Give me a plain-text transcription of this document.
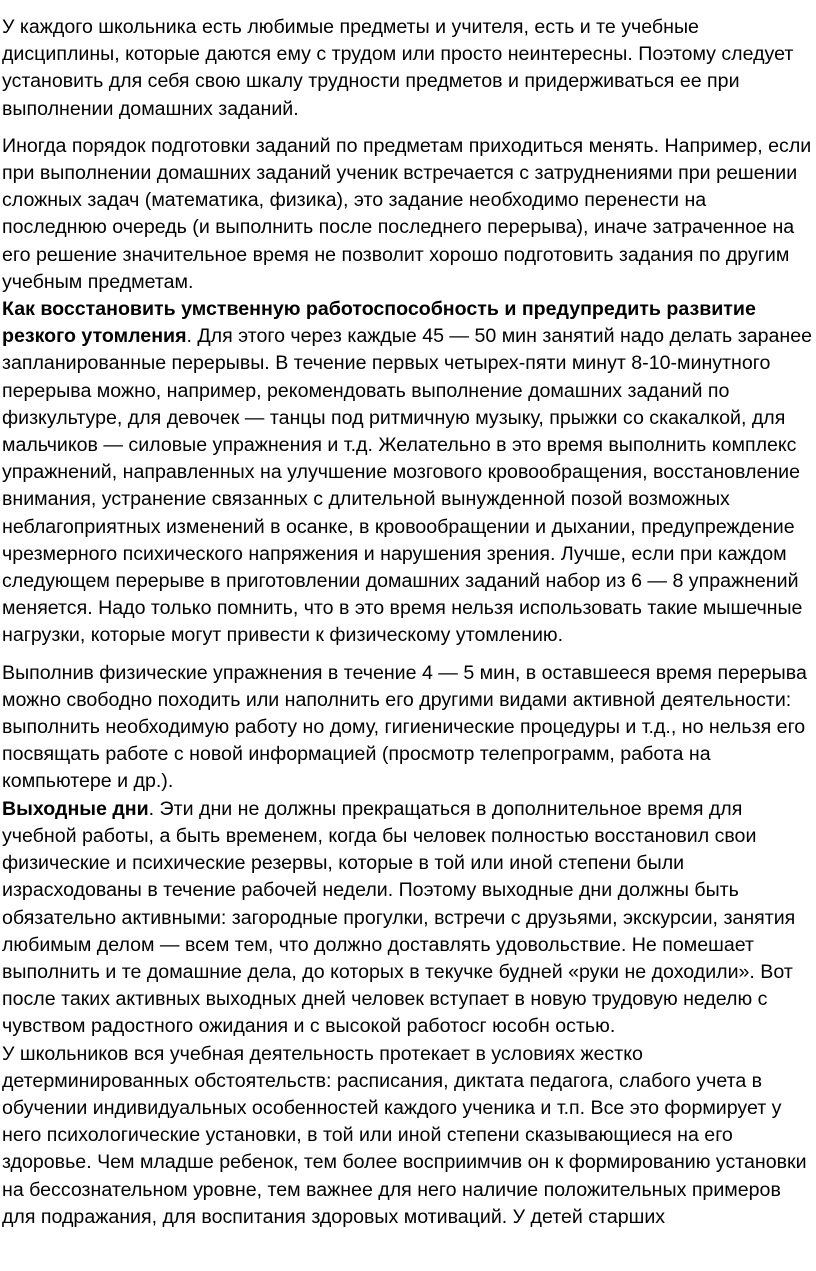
У каждого школьника есть любимые предметы и учителя, есть и те учебные дисциплины, которые даются ему с трудом или просто неинтересны. Поэтому следует установить для себя свою шкалу трудности предметов и придерживаться ее при выполнении домашних заданий.

Иногда порядок подготовки заданий по предметам приходиться менять. Например, если при выполнении домашних заданий ученик встречается с затруднениями при решении сложных задач (математика, физика), это задание необходимо перенести на последнюю очередь (и выполнить после последнего перерыва), иначе затраченное на его решение значительное время не позволит хорошо подготовить задания по другим учебным предметам.

Как восстановить умственную работоспособность и предупредить развитие резкого утомления. Для этого через каждые 45 — 50 мин занятий надо делать заранее запланированные перерывы. В течение первых четырех-пяти минут 8-10-минутного перерыва можно, например, рекомендовать выполнение домашних заданий по физкультуре, для девочек — танцы под ритмичную музыку, прыжки со скакалкой, для мальчиков — силовые упражнения и т.д. Желательно в это время выполнить комплекс упражнений, направленных на улучшение мозгового кровообращения, восстановление внимания, устранение связанных с длительной вынужденной позой возможных неблагоприятных изменений в осанке, в кровообращении и дыхании, предупреждение чрезмерного психического напряжения и нарушения зрения. Лучше, если при каждом следующем перерыве в приготовлении домашних заданий набор из 6 — 8 упражнений меняется. Надо только помнить, что в это время нельзя использовать такие мышечные нагрузки, которые могут привести к физическому утомлению.

Выполнив физические упражнения в течение 4 — 5 мин, в оставшееся время перерыва можно свободно походить или наполнить его другими видами активной деятельности: выполнить необходимую работу но дому, гигиенические процедуры и т.д., но нельзя его посвящать работе с новой информацией (просмотр телепрограмм, работа на компьютере и др.).

Выходные дни. Эти дни не должны прекращаться в дополнительное время для учебной работы, а быть временем, когда бы человек полностью восстановил свои физические и психические резервы, которые в той или иной степени были израсходованы в течение рабочей недели. Поэтому выходные дни должны быть обязательно активными: загородные прогулки, встречи с друзьями, экскурсии, занятия любимым делом — всем тем, что должно доставлять удовольствие. Не помешает выполнить и те домашние дела, до которых в текучке будней «руки не доходили». Вот после таких активных выходных дней человек вступает в новую трудовую неделю с чувством радостного ожидания и с высокой работосг юсобн остью.

У школьников вся учебная деятельность протекает в условиях жестко детерминированных обстоятельств: расписания, диктата педагога, слабого учета в обучении индивидуальных особенностей каждого ученика и т.п. Все это формирует у него психологические установки, в той или иной степени сказывающиеся на его здоровье. Чем младше ребенок, тем более восприимчив он к формированию установки на бессознательном уровне, тем важнее для него наличие положительных примеров для подражания, для воспитания здоровых мотиваций. У детей старших
